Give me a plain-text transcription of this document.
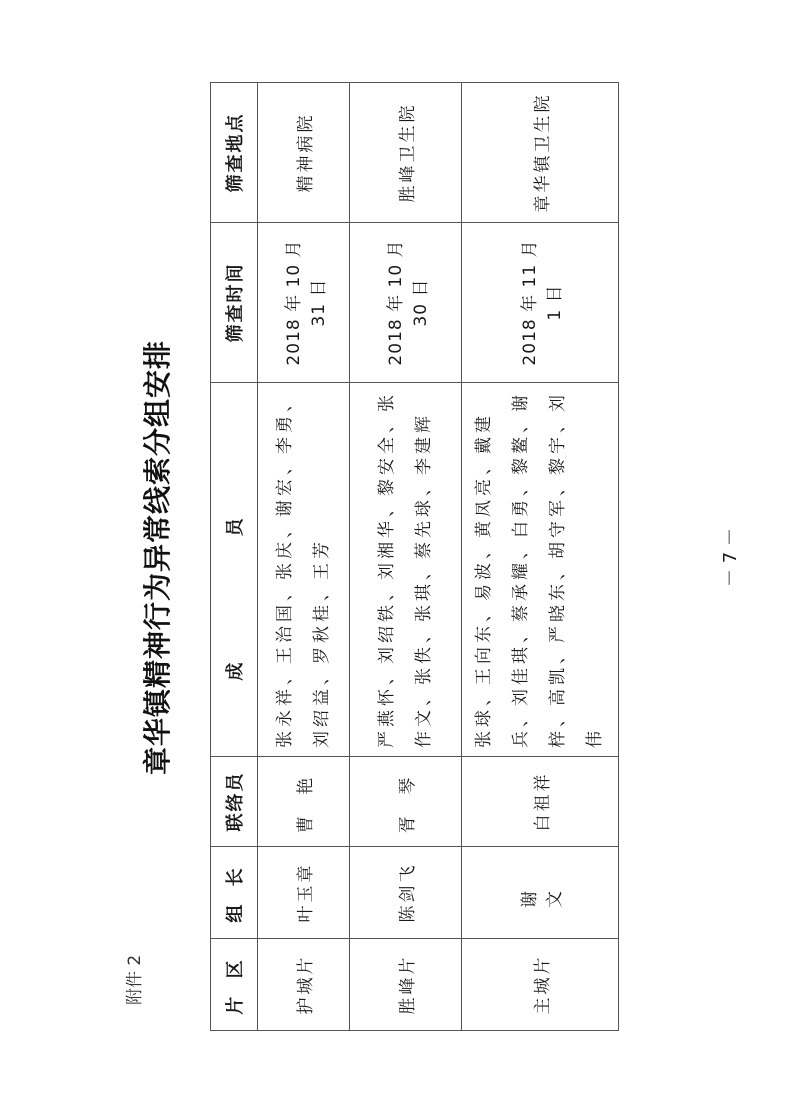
附件 2
章华镇精神行为异常线索分组安排
片 区	组 长	联络员	成 员	筛查时间	筛查地点
护城片	叶玉章	曹 艳	张永祥、王治国、张庆、谢宏、李勇、刘绍益、罗秋桂、王芳	2018 年 10 月 31 日	精神病院
胜峰片	陈剑飞	胥 琴	严燕怀、刘绍铁、刘湘华、黎安全、张作文、张佚、张琪、蔡先球、李建辉	2018 年 10 月 30 日	胜峰卫生院
主城片	谢 文	白祖祥	张球、王向东、易波、黄凤亮、戴建兵、刘佳琪、蔡承耀、白勇、黎鳌、谢梓、高凯、严晓东、胡守军、黎宇、刘伟	2018 年 11 月 1 日	章华镇卫生院
－ 7 －
